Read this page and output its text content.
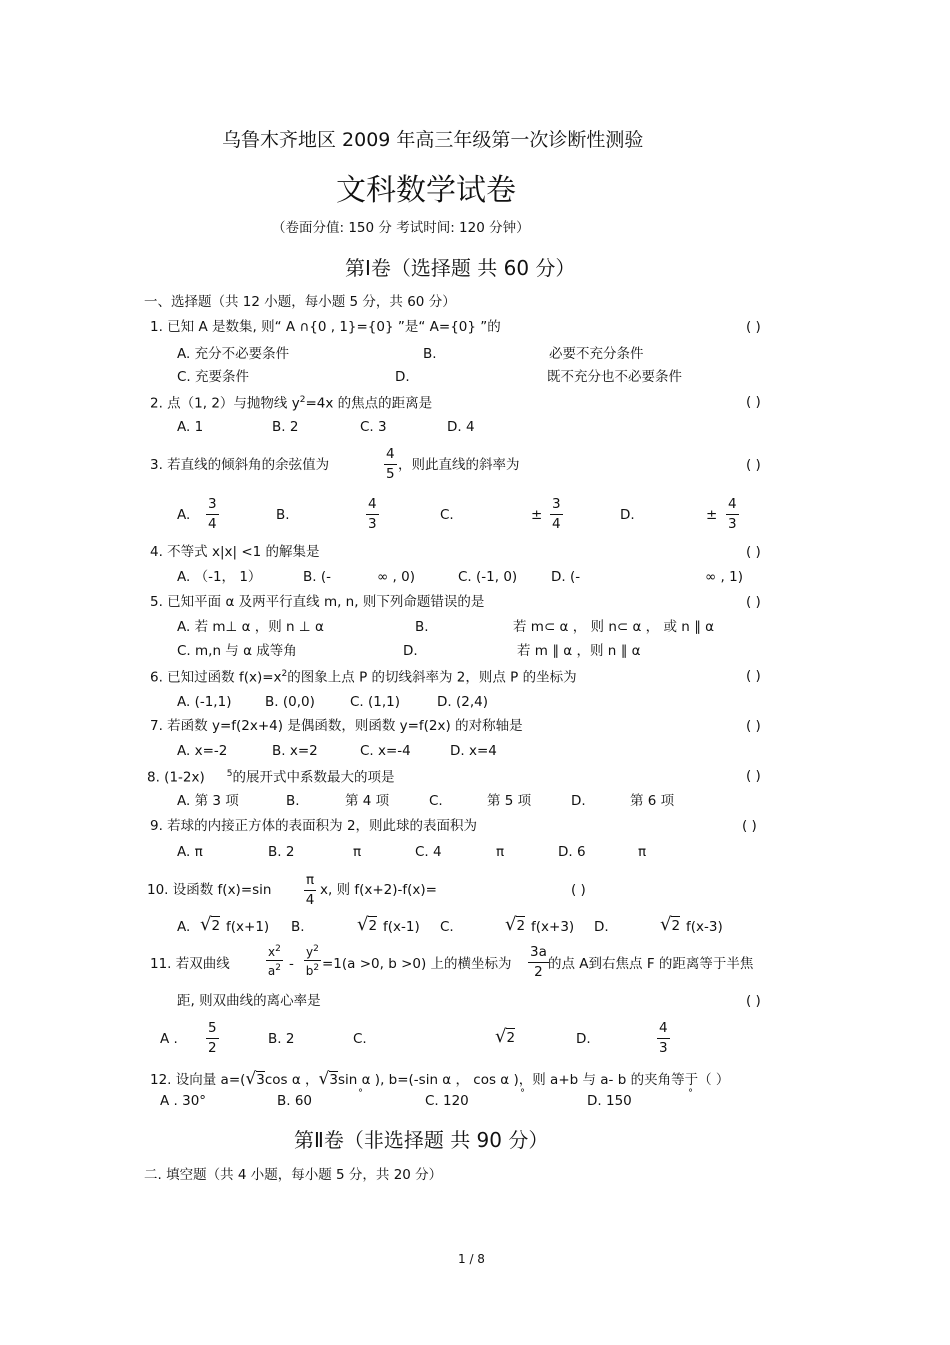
乌鲁木齐地区 2009 年高三年级第一次诊断性测验
文科数学试卷
（卷面分值: 150 分 考试时间: 120 分钟）
第Ⅰ卷（选择题 共 60 分）
一、选择题（共 12 小题，每小题 5 分，共 60 分）
1. 已知 A 是数集, 则“ A ∩{0 , 1}={0} ”是“ A={0} ”的	( )
A. 充分不必要条件	B.	必要不充分条件
C. 充要条件	D.	既不充分也不必要条件
2. 点（1, 2）与抛物线 $y^2=4x$ 的焦点的距离是	( )
A. 1	B. 2	C. 3	D. 4
3. 若直线的倾斜角的余弦值为	$\frac{4}{5}$ ，则此直线的斜率为	( )
A. $\frac{3}{4}$	B.	$\frac{4}{3}$	C.	± $\frac{3}{4}$	D.	± $\frac{4}{3}$
4. 不等式 x|x| <1 的解集是	( )
A. （-1， 1）	B. (-	∞ , 0)	C. (-1, 0)	D. (-	∞ , 1)
5. 已知平面 α 及两平行直线 m, n, 则下列命题错误的是	( )
A. 若 m⊥ α ，则 n ⊥ α	B.	若 m⊂ α ， 则 n⊂ α ， 或 n ∥ α
C. m,n 与 α 成等角	D.	若 m ∥ α ，则 n ∥ α
6. 已知过函数 $f(x)=x^2$的图象上点 P 的切线斜率为 2，则点 P 的坐标为	( )
A. (-1,1) B. (0,0)	C. (1,1)	D. (2,4)
7. 若函数 y=f(2x+4) 是偶函数，则函数 y=f(2x) 的对称轴是	( )
A. x=-2	B. x=2	C. x=-4	D. x=4
8. (1-2x) $^5$的展开式中系数最大的项是	( )
A. 第 3 项	B.	第 4 项	C.	第 5 项	D.	第 6 项
9. 若球的内接正方体的表面积为 2，则此球的表面积为	( )
A. π	B. 2	π	C. 4	π	D. 6	π
10. 设函数 $f(x)=\sin \frac{\pi}{4} x$, 则 f(x+2)-f(x)=	( )
A. √2 f(x+1) B.	√2 f(x-1) C.	√2 f(x+3) D.	√2 f(x-3)
11. 若双曲线	$\frac{x^2}{a^2} - \frac{y^2}{b^2} =1(a >0$, b >0) 上的横坐标为 $\frac{3a}{2}$ 的点 A到右焦点 F 的距离等于半焦
距, 则双曲线的离心率是	( )
A . $\frac{5}{2}$	B. 2	C.	√2	D.	$\frac{4}{3}$
12. 设向量 a=(√3cos α ，√3sin α ), b=(-sin α ， cos α )，则 a+b 与 a- b 的夹角等于（ ）
A . 30°	B. 60	°	C. 120	°	D. 150	°
第Ⅱ卷（非选择题 共 90 分）
二. 填空题（共 4 小题，每小题 5 分，共 20 分）
1 / 8
